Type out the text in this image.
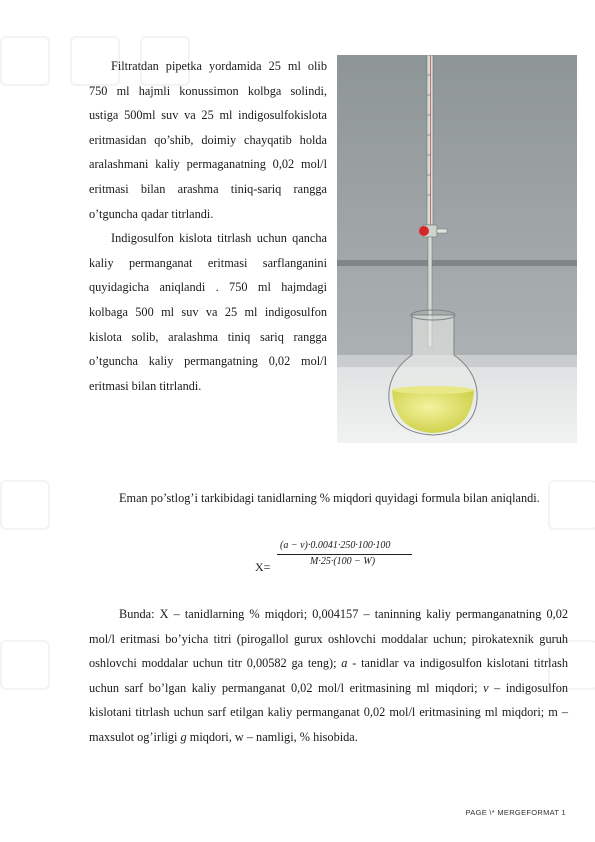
Filtratdan pipetka yordamida 25 ml olib 750 ml hajmli konussimon kolbga solindi, ustiga 500ml suv va 25 ml indigosulfokislota eritmasidan qo’shib, doimiy chayqatib holda aralashmani kaliy permaganatning 0,02 mol/l eritmasi bilan arashma tiniq-sariq rangga o’tguncha qadar titrlandi.

Indigosulfon kislota titrlash uchun qancha kaliy permanganat eritmasi sarflanganini quyidagicha aniqlandi . 750 ml hajmdagi kolbaga 500 ml suv va 25 ml indigosulfon kislota solib, aralashma tiniq sariq rangga o’tguncha kaliy permangatning 0,02 mol/l eritmasi bilan titrlandi.

Eman po’stlog’i tarkibidagi tanidlarning % miqdori quyidagi formula bilan aniqlandi.

X=
(a − v)·0.0041·250·100·100
M·25·(100 − W)

Bunda: X – tanidlarning % miqdori; 0,004157 – taninning kaliy permanganatning 0,02 mol/l eritmasi bo’yicha titri (pirogallol gurux oshlovchi moddalar uchun; pirokatexnik guruh oshlovchi moddalar uchun titr 0,00582 ga teng); a - tanidlar va indigosulfon kislotani titrlash uchun sarf bo’lgan kaliy permanganat 0,02 mol/l eritmasining ml miqdori; v – indigosulfon kislotani titrlash uchun sarf etilgan kaliy permanganat 0,02 mol/l eritmasining ml miqdori; m – maxsulot og’irligi g miqdori, w – namligi, % hisobida.

PAGE \* MERGEFORMAT 1
